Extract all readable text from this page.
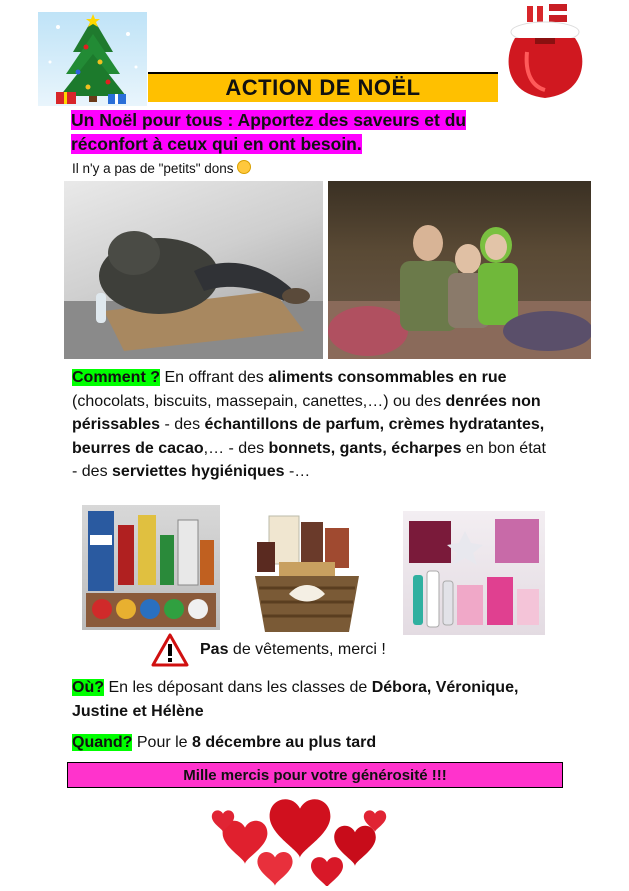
ACTION DE NOËL
Un Noël pour tous : Apportez des saveurs et du réconfort à ceux qui en ont besoin.
Il n'y a pas de "petits" dons
Comment ? En offrant des aliments consommables en rue (chocolats, biscuits, massepain, canettes,…) ou des denrées non périssables - des échantillons de parfum, crèmes hydratantes, beurres de cacao,… - des bonnets, gants, écharpes en bon état - des serviettes hygiéniques -…
Pas de vêtements, merci !
Où? En les déposant dans les classes de Débora, Véronique, Justine et Hélène
Quand? Pour le 8 décembre au plus tard
Mille mercis pour votre générosité !!!
